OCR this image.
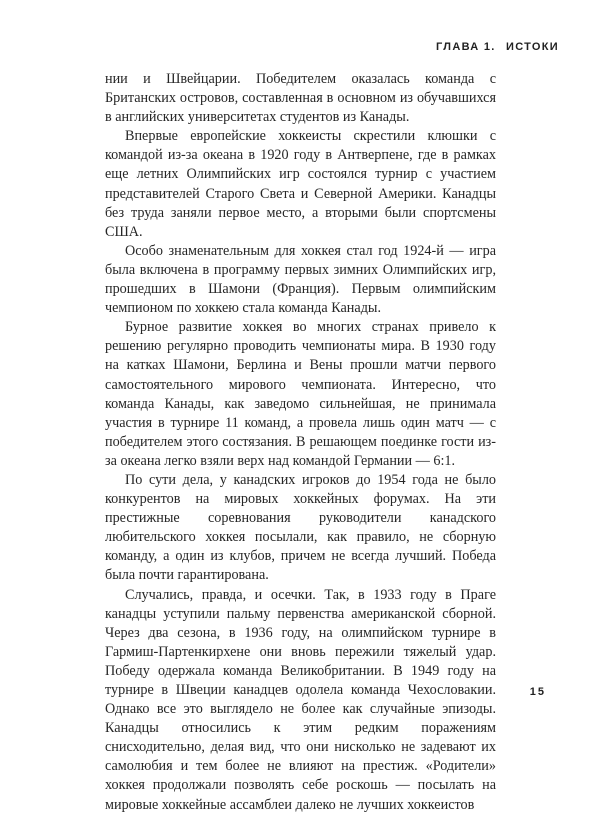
ГЛАВА 1. ИСТОКИ

нии и Швейцарии. Победителем оказалась команда с Британских островов, составленная в основном из обучавшихся в английских университетах студентов из Канады.

Впервые европейские хоккеисты скрестили клюшки с командой из-за океана в 1920 году в Антверпене, где в рамках еще летних Олимпийских игр состоялся турнир с участием представителей Старого Света и Северной Америки. Канадцы без труда заняли первое место, а вторыми были спортсмены США.

Особо знаменательным для хоккея стал год 1924-й — игра была включена в программу первых зимних Олимпийских игр, прошедших в Шамони (Франция). Первым олимпийским чемпионом по хоккею стала команда Канады.

Бурное развитие хоккея во многих странах привело к решению регулярно проводить чемпионаты мира. В 1930 году на катках Шамони, Берлина и Вены прошли матчи первого самостоятельного мирового чемпионата. Интересно, что команда Канады, как заведомо сильнейшая, не принимала участия в турнире 11 команд, а провела лишь один матч — с победителем этого состязания. В решающем поединке гости из-за океана легко взяли верх над командой Германии — 6:1.

По сути дела, у канадских игроков до 1954 года не было конкурентов на мировых хоккейных форумах. На эти престижные соревнования руководители канадского любительского хоккея посылали, как правило, не сборную команду, а один из клубов, причем не всегда лучший. Победа была почти гарантирована.

Случались, правда, и осечки. Так, в 1933 году в Праге канадцы уступили пальму первенства американской сборной. Через два сезона, в 1936 году, на олимпийском турнире в Гармиш-Партенкирхене они вновь пережили тяжелый удар. Победу одержала команда Великобритании. В 1949 году на турнире в Швеции канадцев одолела команда Чехословакии. Однако все это выглядело не более как случайные эпизоды. Канадцы относились к этим редким поражениям снисходительно, делая вид, что они нисколько не задевают их самолюбия и тем более не влияют на престиж. «Родители» хоккея продолжали позволять себе роскошь — посылать на мировые хоккейные ассамблеи далеко не лучших хоккеистов

15
